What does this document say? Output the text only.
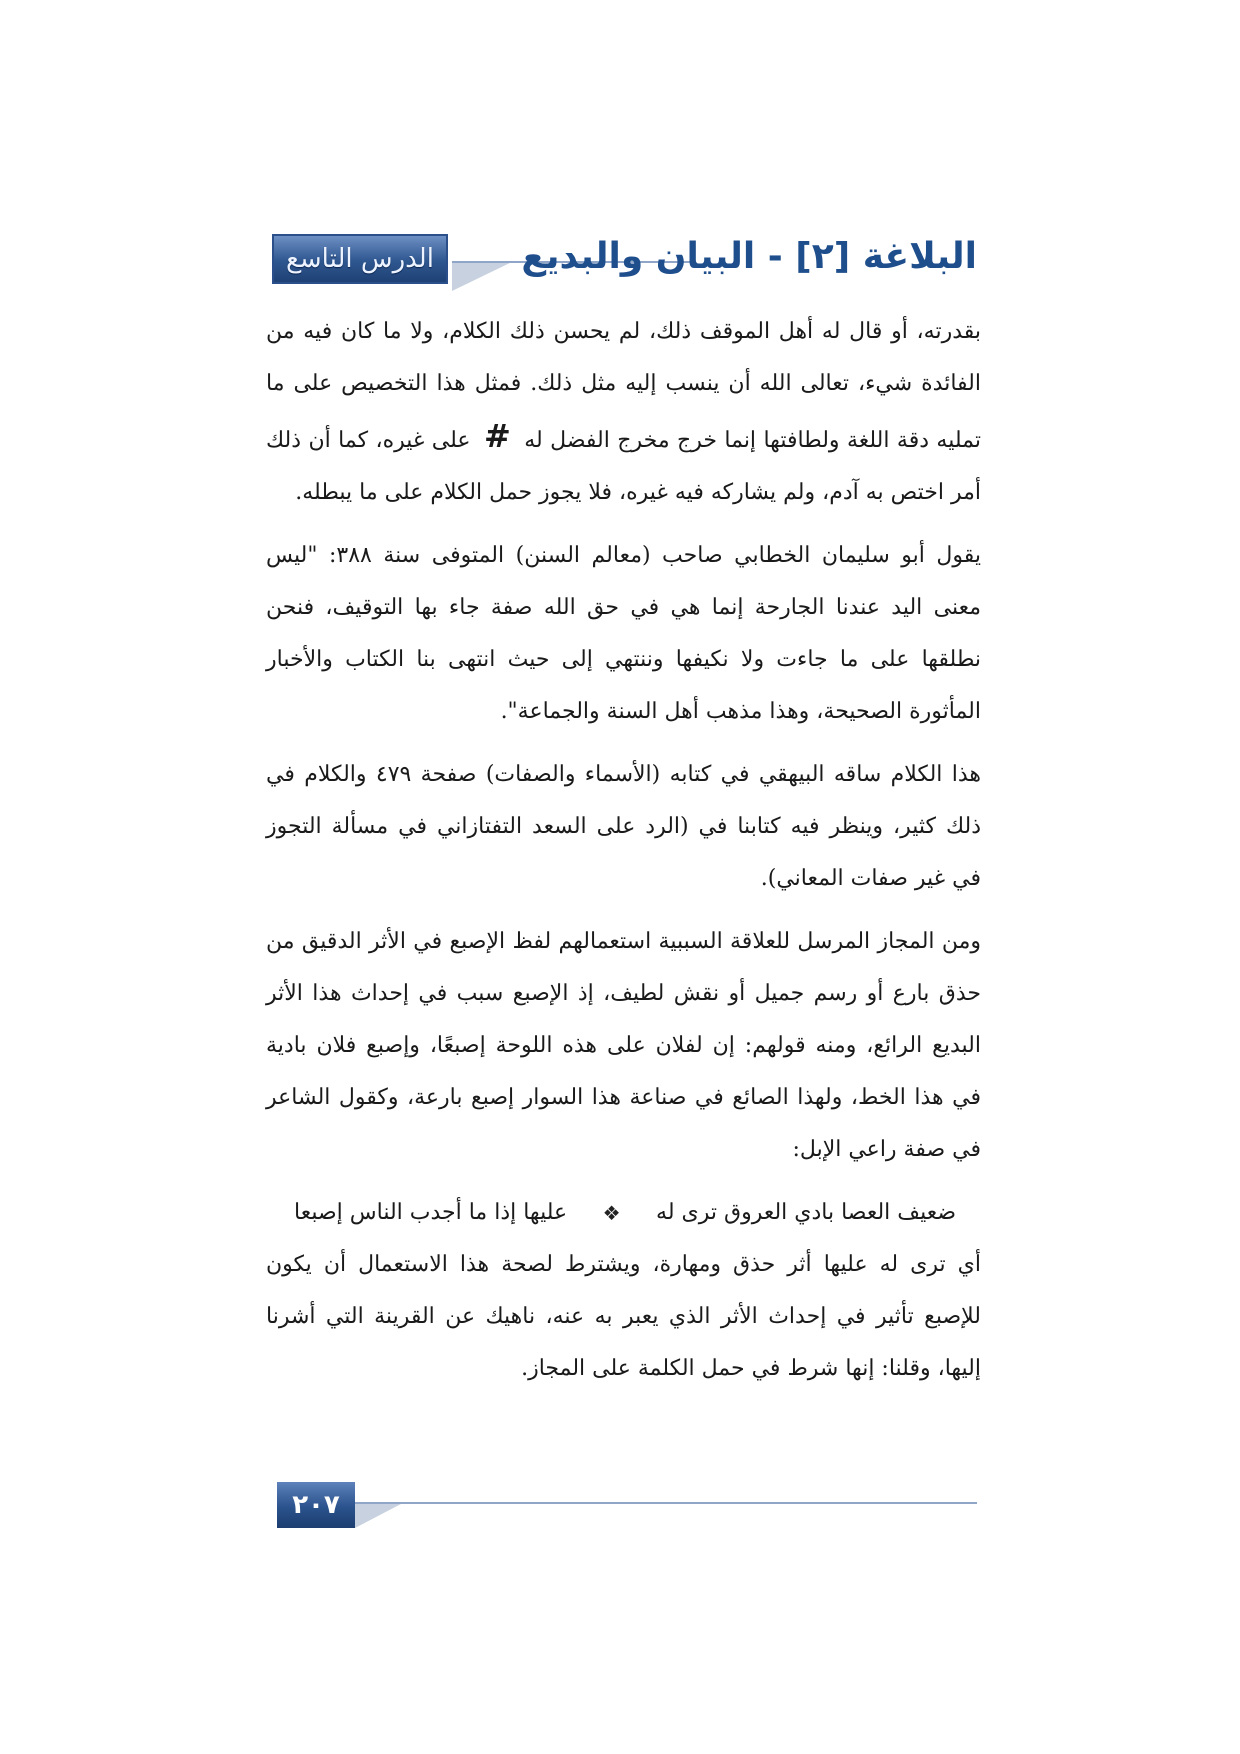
الدرس التاسع البلاغة [٢] - البيان والبديع

بقدرته، أو قال له أهل الموقف ذلك، لم يحسن ذلك الكلام، ولا ما كان فيه من الفائدة شيء، تعالى الله أن ينسب إليه مثل ذلك. فمثل هذا التخصيص على ما تمليه دقة اللغة ولطافتها إنما خرج مخرج الفضل له # على غيره، كما أن ذلك أمر اختص به آدم، ولم يشاركه فيه غيره، فلا يجوز حمل الكلام على ما يبطله.

يقول أبو سليمان الخطابي صاحب (معالم السنن) المتوفى سنة ٣٨٨: "ليس معنى اليد عندنا الجارحة إنما هي في حق الله صفة جاء بها التوقيف، فنحن نطلقها على ما جاءت ولا نكيفها وننتهي إلى حيث انتهى بنا الكتاب والأخبار المأثورة الصحيحة، وهذا مذهب أهل السنة والجماعة".

هذا الكلام ساقه البيهقي في كتابه (الأسماء والصفات) صفحة ٤٧٩ والكلام في ذلك كثير، وينظر فيه كتابنا في (الرد على السعد التفتازاني في مسألة التجوز في غير صفات المعاني).

ومن المجاز المرسل للعلاقة السببية استعمالهم لفظ الإصبع في الأثر الدقيق من حذق بارع أو رسم جميل أو نقش لطيف، إذ الإصبع سبب في إحداث هذا الأثر البديع الرائع، ومنه قولهم: إن لفلان على هذه اللوحة إصبعًا، وإصبع فلان بادية في هذا الخط، ولهذا الصائع في صناعة هذا السوار إصبع بارعة، وكقول الشاعر في صفة راعي الإبل:

ضعيف العصا بادي العروق ترى له
❖
عليها إذا ما أجدب الناس إصبعا

أي ترى له عليها أثر حذق ومهارة، ويشترط لصحة هذا الاستعمال أن يكون للإصبع تأثير في إحداث الأثر الذي يعبر به عنه، ناهيك عن القرينة التي أشرنا إليها، وقلنا: إنها شرط في حمل الكلمة على المجاز.

٢٠٧
